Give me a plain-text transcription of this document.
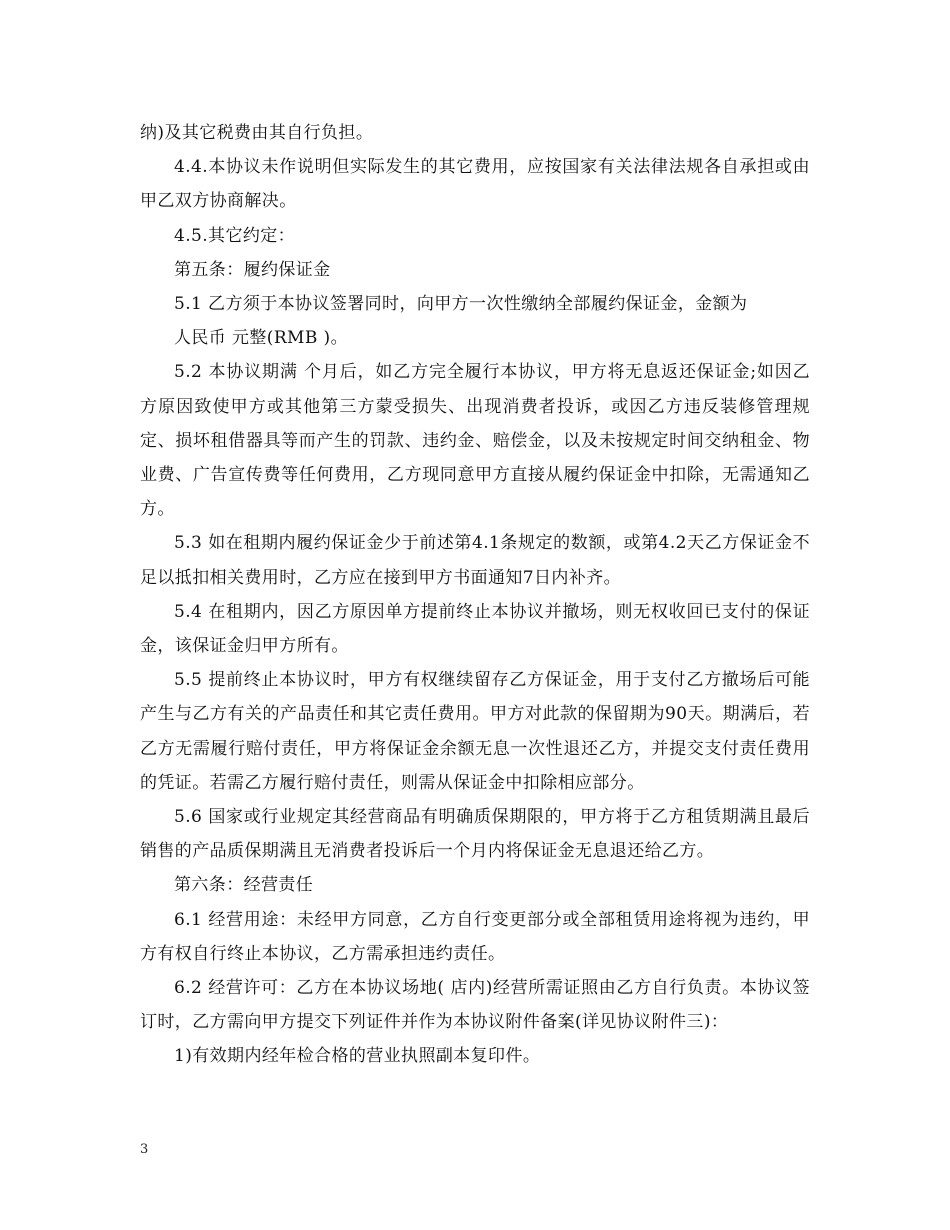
纳)及其它税费由其自行负担。

4.4.本协议未作说明但实际发生的其它费用，应按国家有关法律法规各自承担或由甲乙双方协商解决。

4.5.其它约定：

第五条：履约保证金

5.1 乙方须于本协议签署同时，向甲方一次性缴纳全部履约保证金，金额为

人民币 元整(RMB )。

5.2 本协议期满 个月后，如乙方完全履行本协议，甲方将无息返还保证金;如因乙方原因致使甲方或其他第三方蒙受损失、出现消费者投诉，或因乙方违反装修管理规定、损坏租借器具等而产生的罚款、违约金、赔偿金，以及未按规定时间交纳租金、物业费、广告宣传费等任何费用，乙方现同意甲方直接从履约保证金中扣除，无需通知乙方。

5.3 如在租期内履约保证金少于前述第4.1条规定的数额，或第4.2天乙方保证金不足以抵扣相关费用时，乙方应在接到甲方书面通知7日内补齐。

5.4 在租期内，因乙方原因单方提前终止本协议并撤场，则无权收回已支付的保证金，该保证金归甲方所有。

5.5 提前终止本协议时，甲方有权继续留存乙方保证金，用于支付乙方撤场后可能产生与乙方有关的产品责任和其它责任费用。甲方对此款的保留期为90天。期满后，若乙方无需履行赔付责任，甲方将保证金余额无息一次性退还乙方，并提交支付责任费用的凭证。若需乙方履行赔付责任，则需从保证金中扣除相应部分。

5.6 国家或行业规定其经营商品有明确质保期限的，甲方将于乙方租赁期满且最后销售的产品质保期满且无消费者投诉后一个月内将保证金无息退还给乙方。

第六条：经营责任

6.1 经营用途：未经甲方同意，乙方自行变更部分或全部租赁用途将视为违约，甲方有权自行终止本协议，乙方需承担违约责任。

6.2 经营许可：乙方在本协议场地( 店内)经营所需证照由乙方自行负责。本协议签订时，乙方需向甲方提交下列证件并作为本协议附件备案(详见协议附件三)：

1)有效期内经年检合格的营业执照副本复印件。

3
